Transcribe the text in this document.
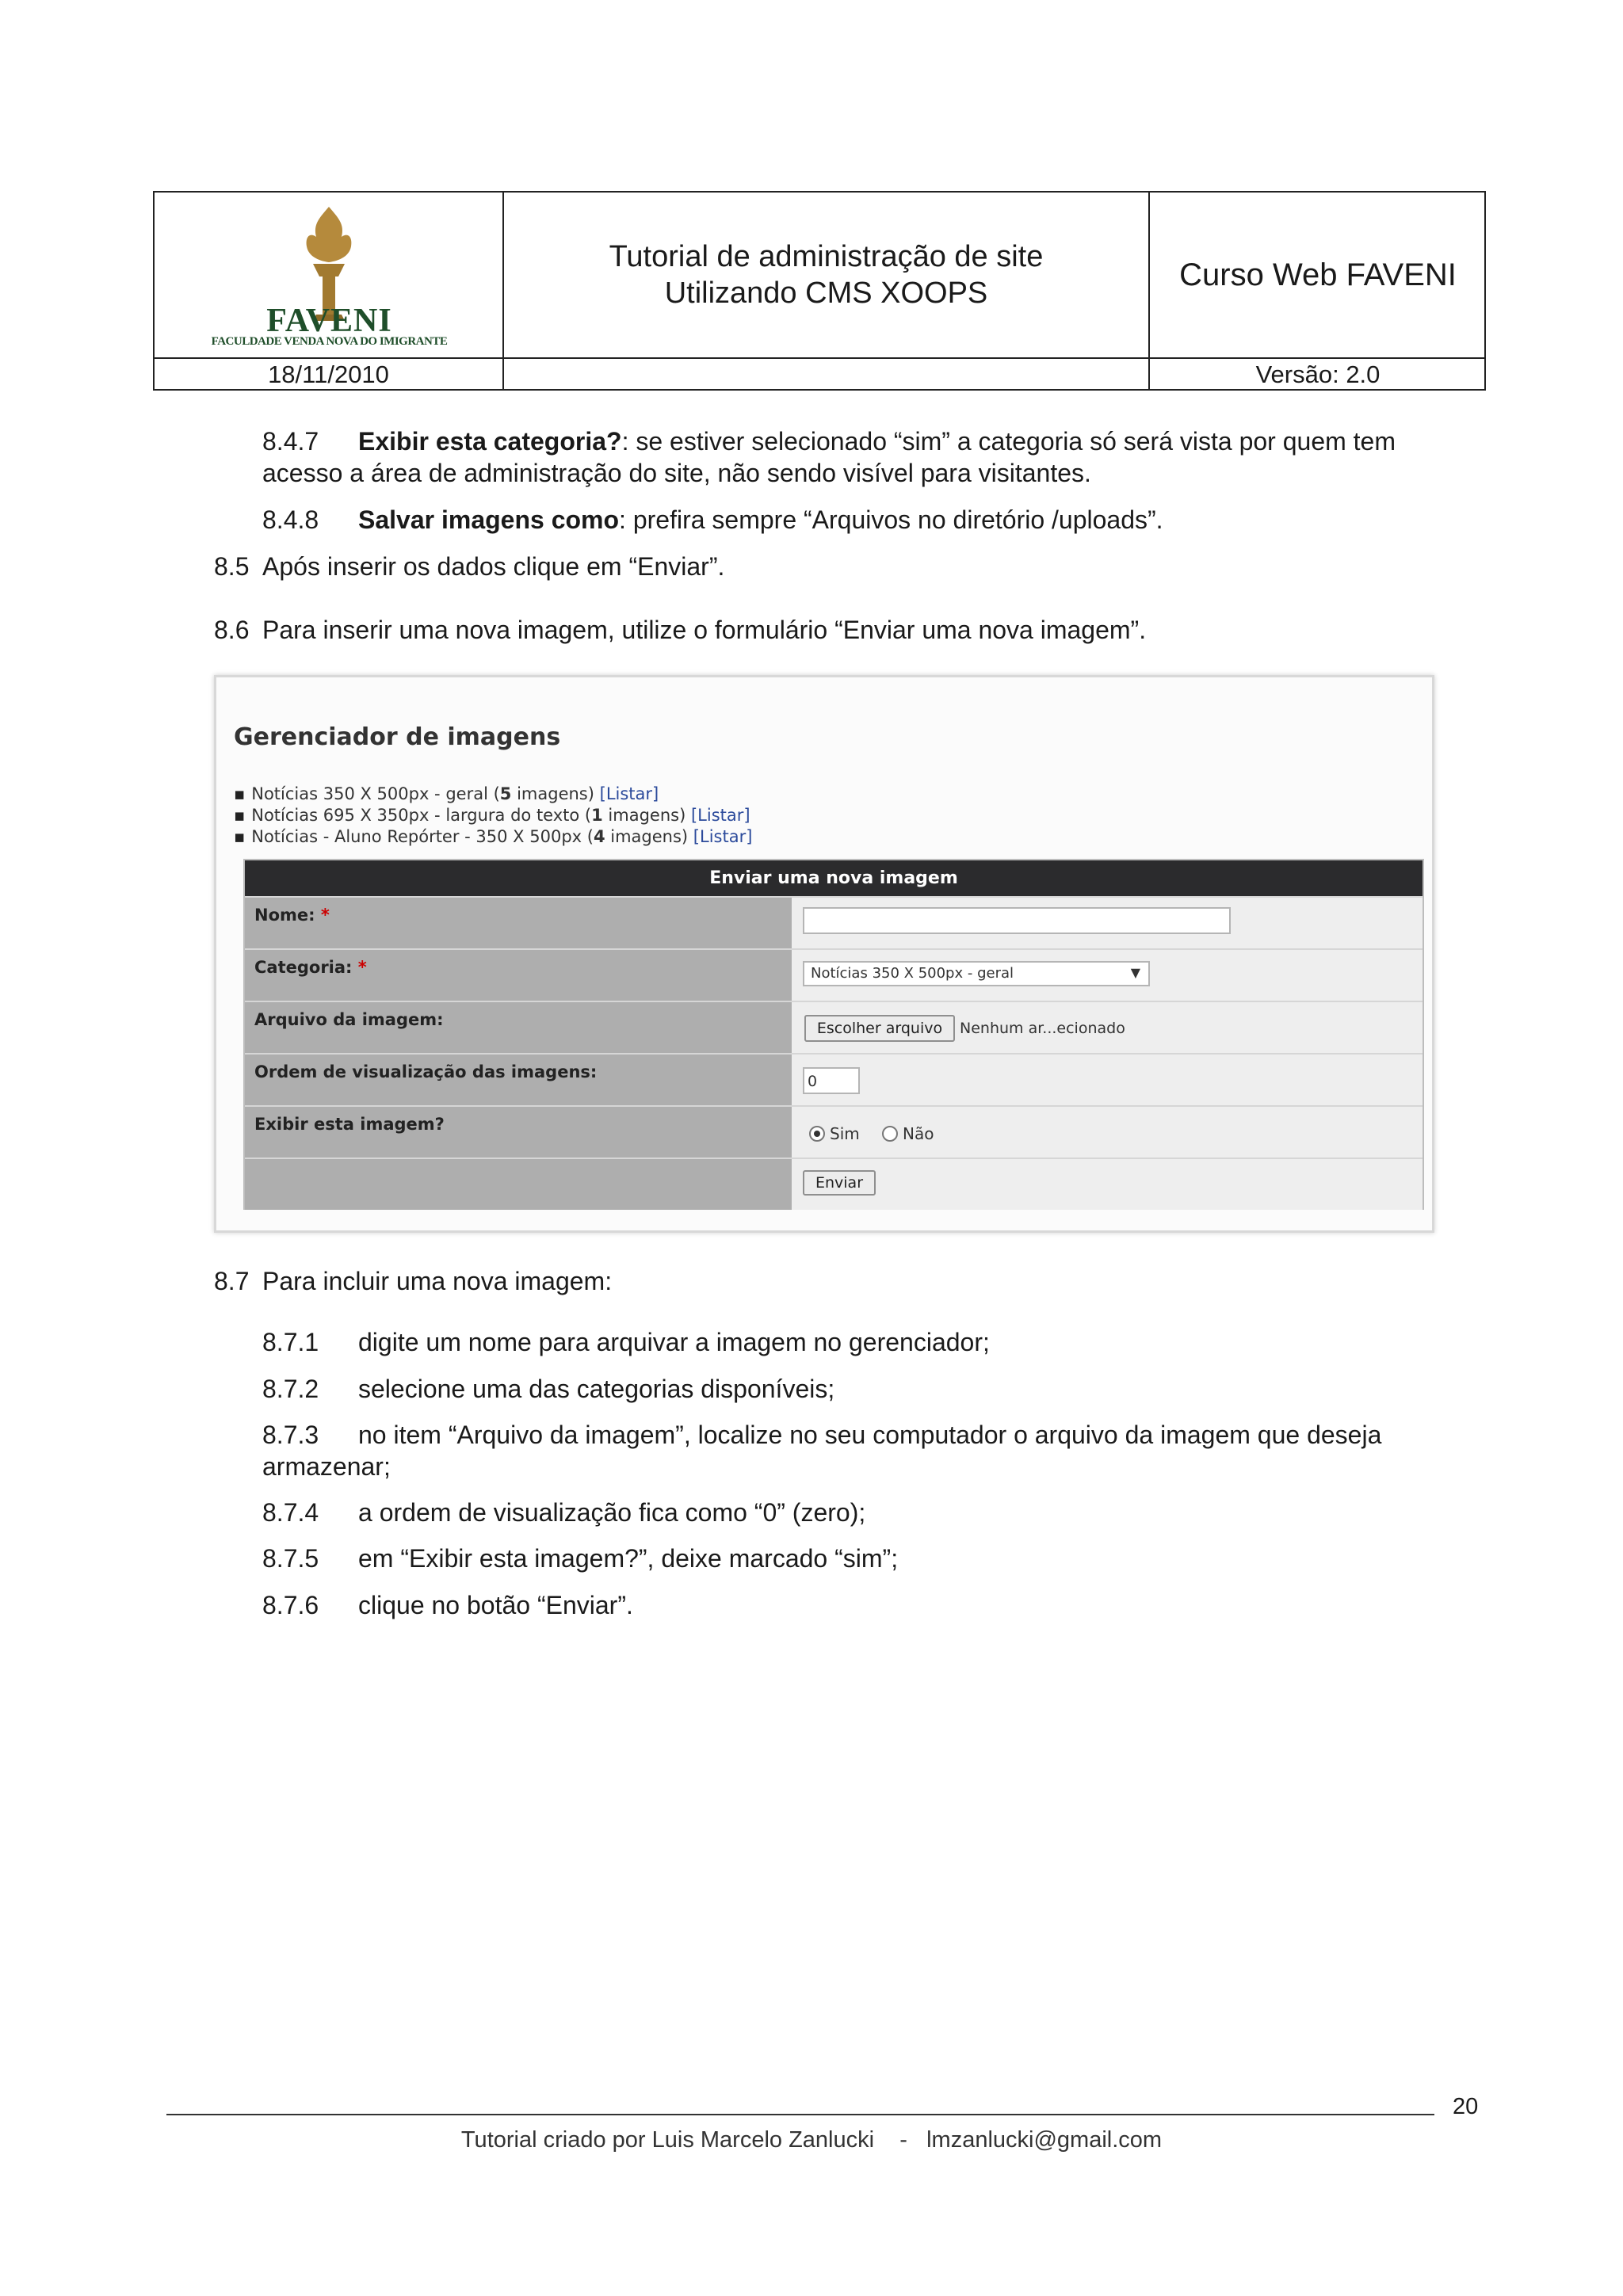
FAVENI
FACULDADE VENDA NOVA DO IMIGRANTE
Tutorial de administração de site
Utilizando CMS XOOPS
Curso Web FAVENI
18/11/2010	Versão: 2.0
8.4.7 Exibir esta categoria?: se estiver selecionado “sim” a categoria só será vista por quem tem
acesso a área de administração do site, não sendo visível para visitantes.
8.4.8 Salvar imagens como: prefira sempre “Arquivos no diretório /uploads”.
8.5 Após inserir os dados clique em “Enviar”.
8.6 Para inserir uma nova imagem, utilize o formulário “Enviar uma nova imagem”.
Gerenciador de imagens
▪ Notícias 350 X 500px - geral (5 imagens) [Listar]
▪ Notícias 695 X 350px - largura do texto (1 imagens) [Listar]
▪ Notícias - Aluno Repórter - 350 X 500px (4 imagens) [Listar]
Enviar uma nova imagem
Nome: *
Categoria: *	Notícias 350 X 500px - geral	▼
Arquivo da imagem:	Escolher arquivo	Nenhum ar...ecionado
Ordem de visualização das imagens:	0
Exibir esta imagem?	Sim	Não
Enviar
8.7 Para incluir uma nova imagem:
8.7.1 digite um nome para arquivar a imagem no gerenciador;
8.7.2 selecione uma das categorias disponíveis;
8.7.3 no item “Arquivo da imagem”, localize no seu computador o arquivo da imagem que deseja
armazenar;
8.7.4 a ordem de visualização fica como “0” (zero);
8.7.5 em “Exibir esta imagem?”, deixe marcado “sim”;
8.7.6 clique no botão “Enviar”.
20
Tutorial criado por Luis Marcelo Zanlucki    -   lmzanlucki@gmail.com
